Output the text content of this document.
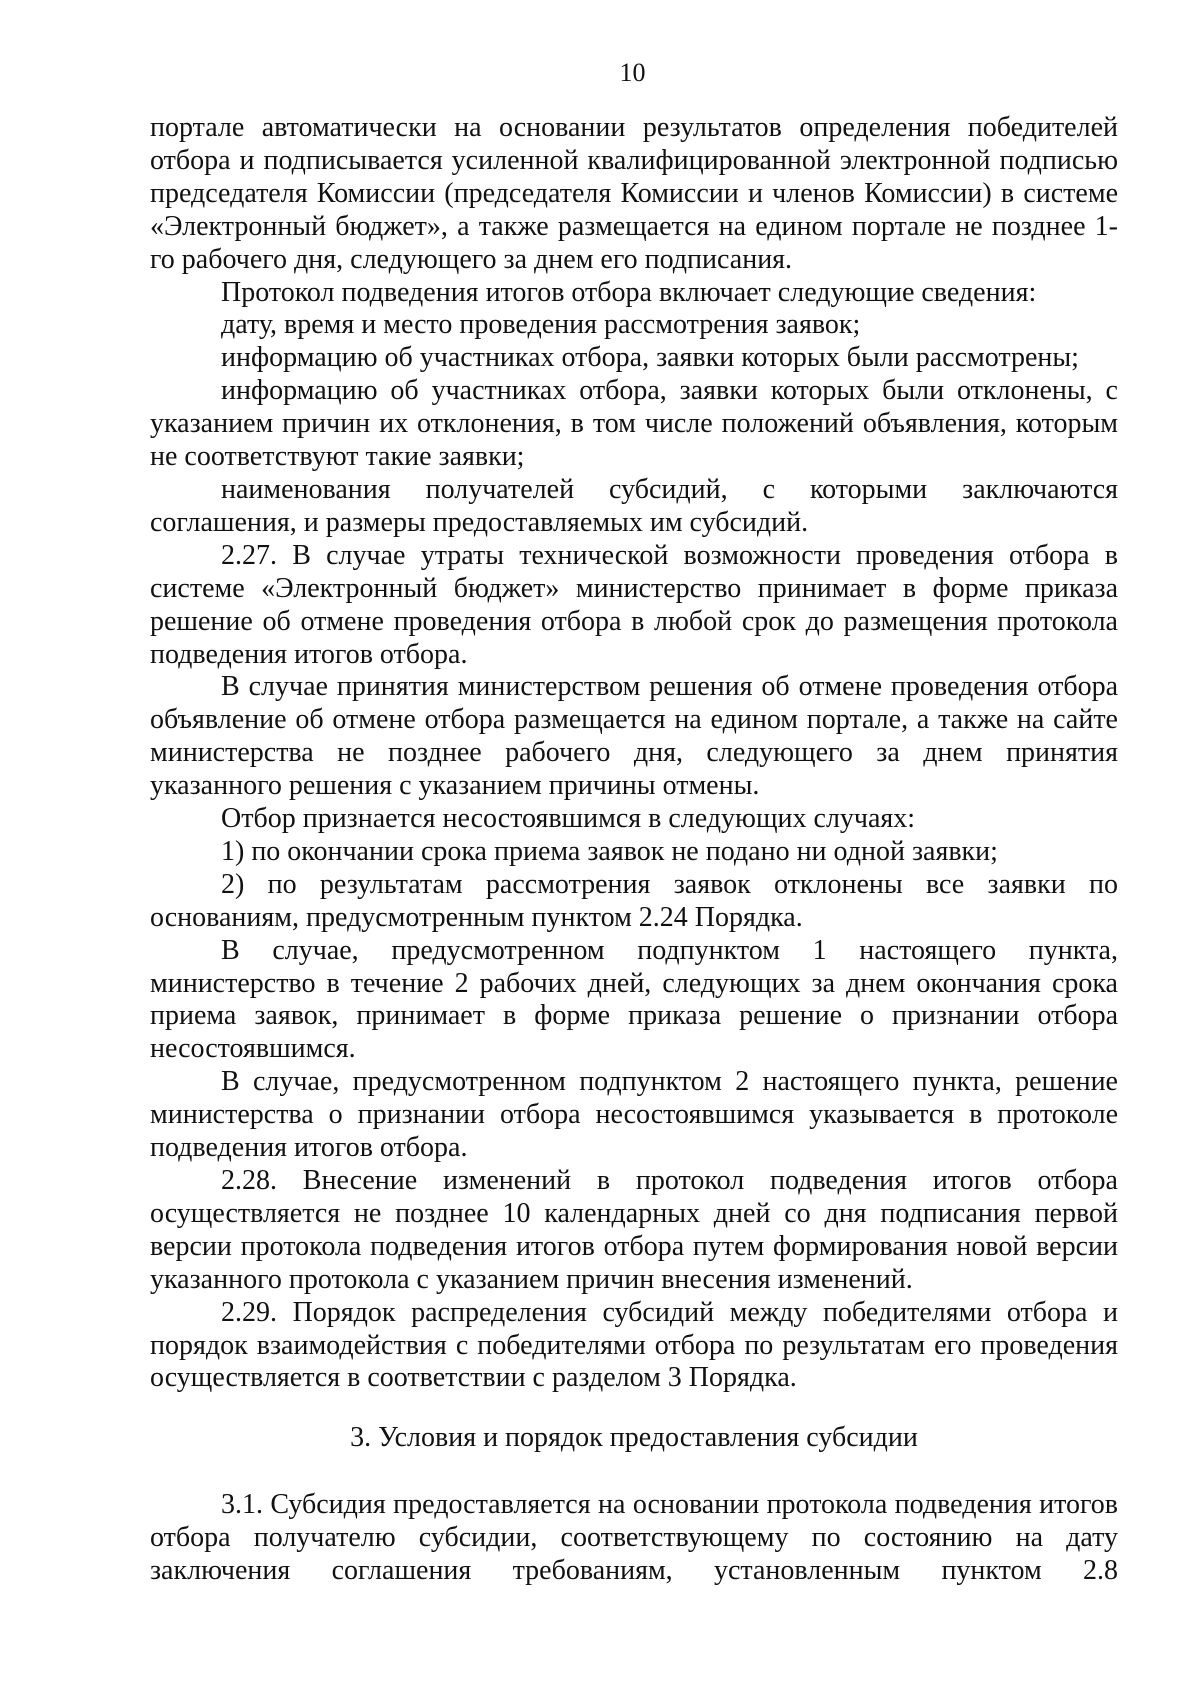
10

портале автоматически на основании результатов определения победителей отбора и подписывается усиленной квалифицированной электронной подписью председателя Комиссии (председателя Комиссии и членов Комиссии) в системе «Электронный бюджет», а также размещается на едином портале не позднее 1-го рабочего дня, следующего за днем его подписания.

Протокол подведения итогов отбора включает следующие сведения:

дату, время и место проведения рассмотрения заявок;

информацию об участниках отбора, заявки которых были рассмотрены;

информацию об участниках отбора, заявки которых были отклонены, с указанием причин их отклонения, в том числе положений объявления, которым не соответствуют такие заявки;

наименования получателей субсидий, с которыми заключаются соглашения, и размеры предоставляемых им субсидий.

2.27. В случае утраты технической возможности проведения отбора в системе «Электронный бюджет» министерство принимает в форме приказа решение об отмене проведения отбора в любой срок до размещения протокола подведения итогов отбора.

В случае принятия министерством решения об отмене проведения отбора объявление об отмене отбора размещается на едином портале, а также на сайте министерства не позднее рабочего дня, следующего за днем принятия указанного решения с указанием причины отмены.

Отбор признается несостоявшимся в следующих случаях:

1) по окончании срока приема заявок не подано ни одной заявки;

2) по результатам рассмотрения заявок отклонены все заявки по основаниям, предусмотренным пунктом 2.24 Порядка.

В случае, предусмотренном подпунктом 1 настоящего пункта, министерство в течение 2 рабочих дней, следующих за днем окончания срока приема заявок, принимает в форме приказа решение о признании отбора несостоявшимся.

В случае, предусмотренном подпунктом 2 настоящего пункта, решение министерства о признании отбора несостоявшимся указывается в протоколе подведения итогов отбора.

2.28. Внесение изменений в протокол подведения итогов отбора осуществляется не позднее 10 календарных дней со дня подписания первой версии протокола подведения итогов отбора путем формирования новой версии указанного протокола с указанием причин внесения изменений.

2.29. Порядок распределения субсидий между победителями отбора и порядок взаимодействия с победителями отбора по результатам его проведения осуществляется в соответствии с разделом 3 Порядка.

3. Условия и порядок предоставления субсидии

3.1. Субсидия предоставляется на основании протокола подведения итогов отбора получателю субсидии, соответствующему по состоянию на дату заключения соглашения требованиям, установленным пунктом 2.8
